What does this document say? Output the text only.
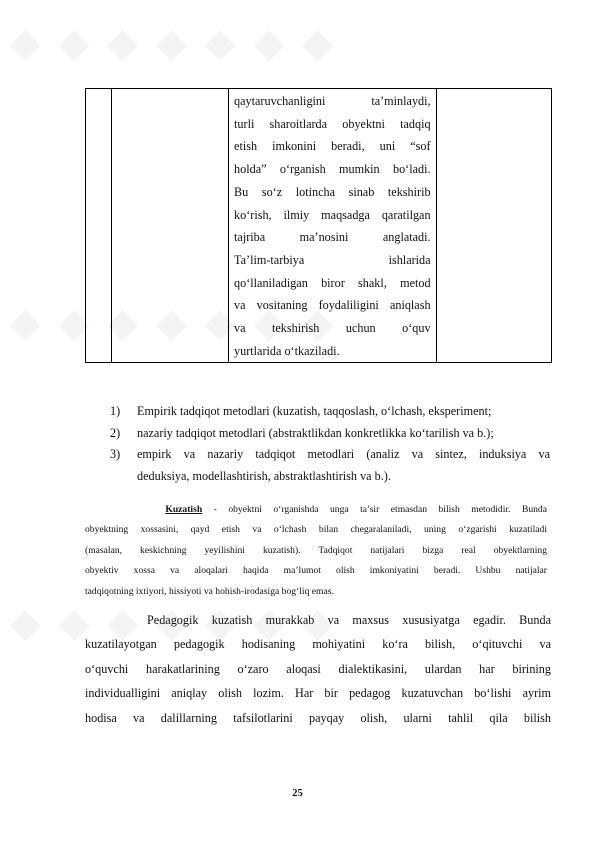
qaytaruvchanligini ta’minlaydi,
turli sharoitlarda obyektni tadqiq
etish imkonini beradi, uni “sof
holda” o‘rganish mumkin bo‘ladi.
Bu so‘z lotincha sinab tekshirib
ko‘rish, ilmiy maqsadga qaratilgan
tajriba ma’nosini anglatadi.
Ta’lim-tarbiya ishlarida
qo‘llaniladigan biror shakl, metod
va vositaning foydaliligini aniqlash
va tekshirish uchun o‘quv
yurtlarida o‘tkaziladi.

1) Empirik tadqiqot metodlari (kuzatish, taqqoslash, o‘lchash, eksperiment;
2) nazariy tadqiqot metodlari (abstraktlikdan konkretlikka ko‘tarilish va b.);
3) empirk va nazariy tadqiqot metodlari (analiz va sintez, induksiya va
deduksiya, modellashtirish, abstraktlashtirish va b.).
Kuzatish - obyektni o‘rganishda unga ta’sir etmasdan bilish metodidir. Bunda
obyektning xossasini, qayd etish va o‘lchash bilan chegaralaniladi, uning o‘zgarishi kuzatiladi
(masalan, keskichning yeyilishini kuzatish). Tadqiqot natijalari bizga real obyektlarning
obyektiv xossa va aloqalari haqida ma’lumot olish imkoniyatini beradi. Ushbu natijalar
tadqiqotning ixtiyori, hissiyoti va hohish-irodasiga bog‘liq emas.
Pedagogik kuzatish murakkab va maxsus xususiyatga egadir. Bunda
kuzatilayotgan pedagogik hodisaning mohiyatini ko‘ra bilish, o‘qituvchi va
o‘quvchi harakatlarining o‘zaro aloqasi dialektikasini, ulardan har birining
individualligini aniqlay olish lozim. Har bir pedagog kuzatuvchan bo‘lishi ayrim
hodisa va dalillarning tafsilotlarini payqay olish, ularni tahlil qila bilish
25
